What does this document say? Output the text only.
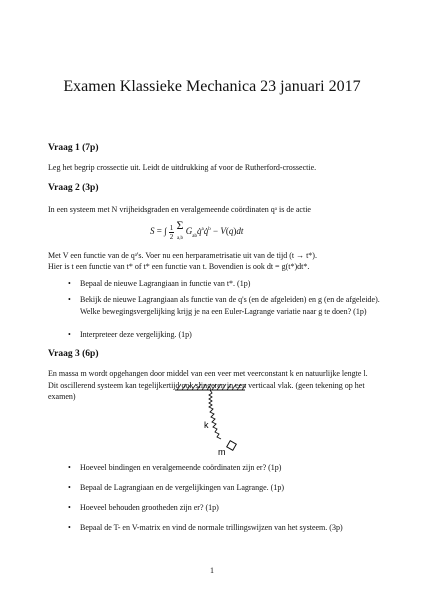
Examen Klassieke Mechanica 23 januari 2017
Vraag 1 (7p)
Leg het begrip crossectie uit. Leidt de uitdrukking af voor de Rutherford-crossectie.
Vraag 2 (3p)
In een systeem met N vrijheidsgraden en veralgemeende coördinaten qᵃ is de actie
S = ∫ $\frac{1}{2}$ Σ
a,b $G_{ab}q̇^aq̇^b - V(q)dt$
Met V een functie van de qᵃ's. Voer nu een herparametrisatie uit van de tijd (t → t*).
Hier is t een functie van t* of t* een functie van t. Bovendien is ook dt = g(t*)dt*.
• Bepaal de nieuwe Lagrangiaan in functie van t*. (1p)
• Bekijk de nieuwe Lagrangiaan als functie van de q's (en de afgeleiden) en g (en de afgeleide). Welke bewegingsvergelijking krijg je na een Euler-Lagrange variatie naar g te doen? (1p)
• Interpreteer deze vergelijking. (1p)
Vraag 3 (6p)
En massa m wordt opgehangen door middel van een veer met veerconstant k en natuurlijke lengte l. Dit oscillerend systeem kan tegelijkertijd ook slingeren in een verticaal vlak. (geen tekening op het examen)
k
m
• Hoeveel bindingen en veralgemeende coördinaten zijn er? (1p)
• Bepaal de Lagrangiaan en de vergelijkingen van Lagrange. (1p)
• Hoeveel behouden grootheden zijn er? (1p)
• Bepaal de T- en V-matrix en vind de normale trillingswijzen van het systeem. (3p)
1
